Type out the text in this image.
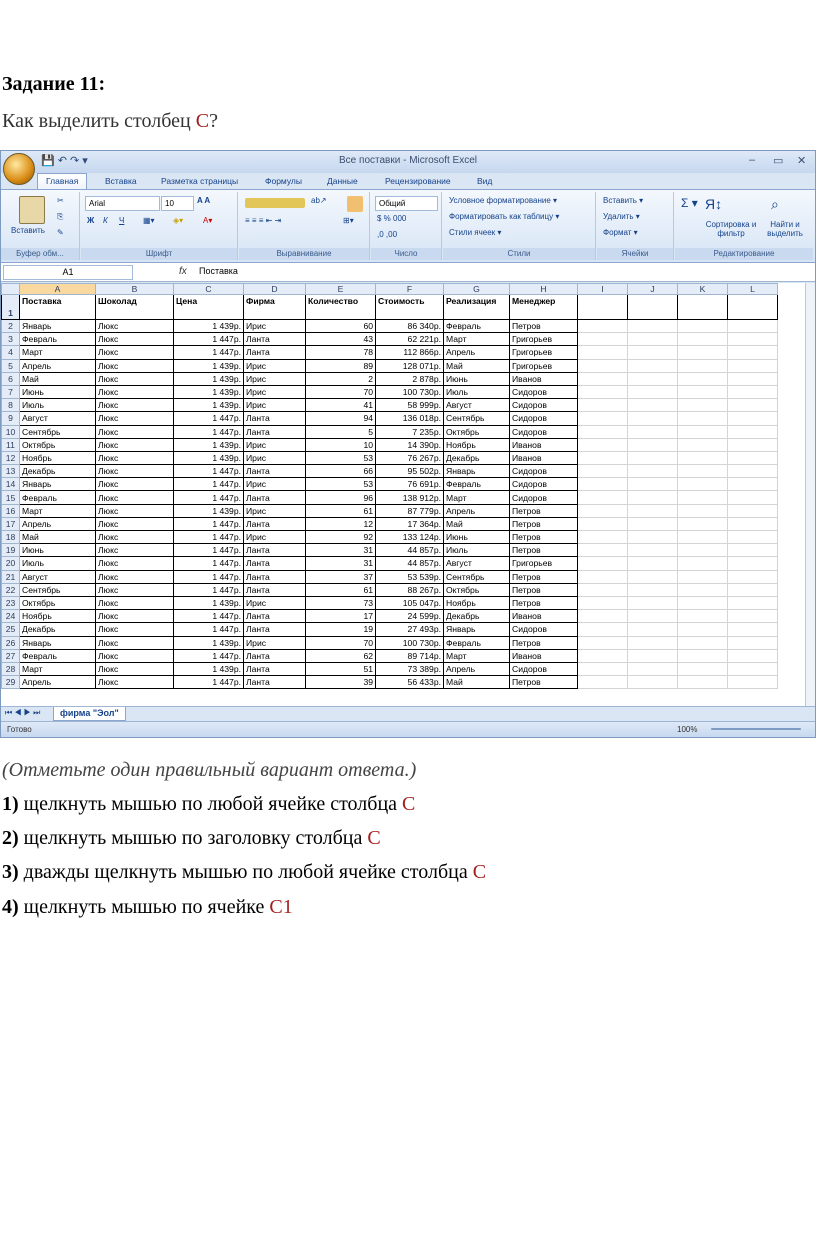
Задание 11:
Как выделить столбец C?
💾 ↶ ↷ ▾	Все поставки - Microsoft Excel	– ▭ ✕
Главная	Вставка	Разметка страницы	Формулы	Данные	Рецензирование	Вид
Вставить
✂
⎘
✎
Буфер обм...
Arial	10	A A
Ж К Ч ▦▾ ◈▾ A▾
Шрифт
ab↗
≡ ≡ ≡ ⇤ ⇥	⊞▾
Выравнивание
Общий
$ % 000
,0 ,00
Число
Условное форматирование ▾
Форматировать как таблицу ▾
Стили ячеек ▾
Стили
Вставить ▾
Удалить ▾
Формат ▾
Ячейки
Σ ▾ Я↕	⌕
Сортировка и фильтр
Найти и выделить
Редактирование
A1	fx Поставка
	A	B	C	D	E	F	G	H	I	J	K	L
1	Поставка	Шоколад	Цена	Фирма	Количество	Стоимость	Реализация	Менеджер				
2	Январь	Люкс	1 439р.	Ирис	60	86 340р.	Февраль	Петров				
3	Февраль	Люкс	1 447р.	Ланта	43	62 221р.	Март	Григорьев				
4	Март	Люкс	1 447р.	Ланта	78	112 866р.	Апрель	Григорьев				
5	Апрель	Люкс	1 439р.	Ирис	89	128 071р.	Май	Григорьев				
6	Май	Люкс	1 439р.	Ирис	2	2 878р.	Июнь	Иванов				
7	Июнь	Люкс	1 439р.	Ирис	70	100 730р.	Июль	Сидоров				
8	Июль	Люкс	1 439р.	Ирис	41	58 999р.	Август	Сидоров				
9	Август	Люкс	1 447р.	Ланта	94	136 018р.	Сентябрь	Сидоров				
10	Сентябрь	Люкс	1 447р.	Ланта	5	7 235р.	Октябрь	Сидоров				
11	Октябрь	Люкс	1 439р.	Ирис	10	14 390р.	Ноябрь	Иванов				
12	Ноябрь	Люкс	1 439р.	Ирис	53	76 267р.	Декабрь	Иванов				
13	Декабрь	Люкс	1 447р.	Ланта	66	95 502р.	Январь	Сидоров				
14	Январь	Люкс	1 447р.	Ирис	53	76 691р.	Февраль	Сидоров				
15	Февраль	Люкс	1 447р.	Ланта	96	138 912р.	Март	Сидоров				
16	Март	Люкс	1 439р.	Ирис	61	87 779р.	Апрель	Петров				
17	Апрель	Люкс	1 447р.	Ланта	12	17 364р.	Май	Петров				
18	Май	Люкс	1 447р.	Ирис	92	133 124р.	Июнь	Петров				
19	Июнь	Люкс	1 447р.	Ланта	31	44 857р.	Июль	Петров				
20	Июль	Люкс	1 447р.	Ланта	31	44 857р.	Август	Григорьев				
21	Август	Люкс	1 447р.	Ланта	37	53 539р.	Сентябрь	Петров				
22	Сентябрь	Люкс	1 447р.	Ланта	61	88 267р.	Октябрь	Петров				
23	Октябрь	Люкс	1 439р.	Ирис	73	105 047р.	Ноябрь	Петров				
24	Ноябрь	Люкс	1 447р.	Ланта	17	24 599р.	Декабрь	Иванов				
25	Декабрь	Люкс	1 447р.	Ланта	19	27 493р.	Январь	Сидоров				
26	Январь	Люкс	1 439р.	Ирис	70	100 730р.	Февраль	Петров				
27	Февраль	Люкс	1 447р.	Ланта	62	89 714р.	Март	Иванов				
28	Март	Люкс	1 439р.	Ланта	51	73 389р.	Апрель	Сидоров				
29	Апрель	Люкс	1 447р.	Ланта	39	56 433р.	Май	Петров				
⏮ ◀ ▶ ⏭	фирма "Эол"
Готово	100%
(Отметьте один правильный вариант ответа.)
1) щелкнуть мышью по любой ячейке столбца C
2) щелкнуть мышью по заголовку столбца C
3) дважды щелкнуть мышью по любой ячейке столбца C
4) щелкнуть мышью по ячейке C1
